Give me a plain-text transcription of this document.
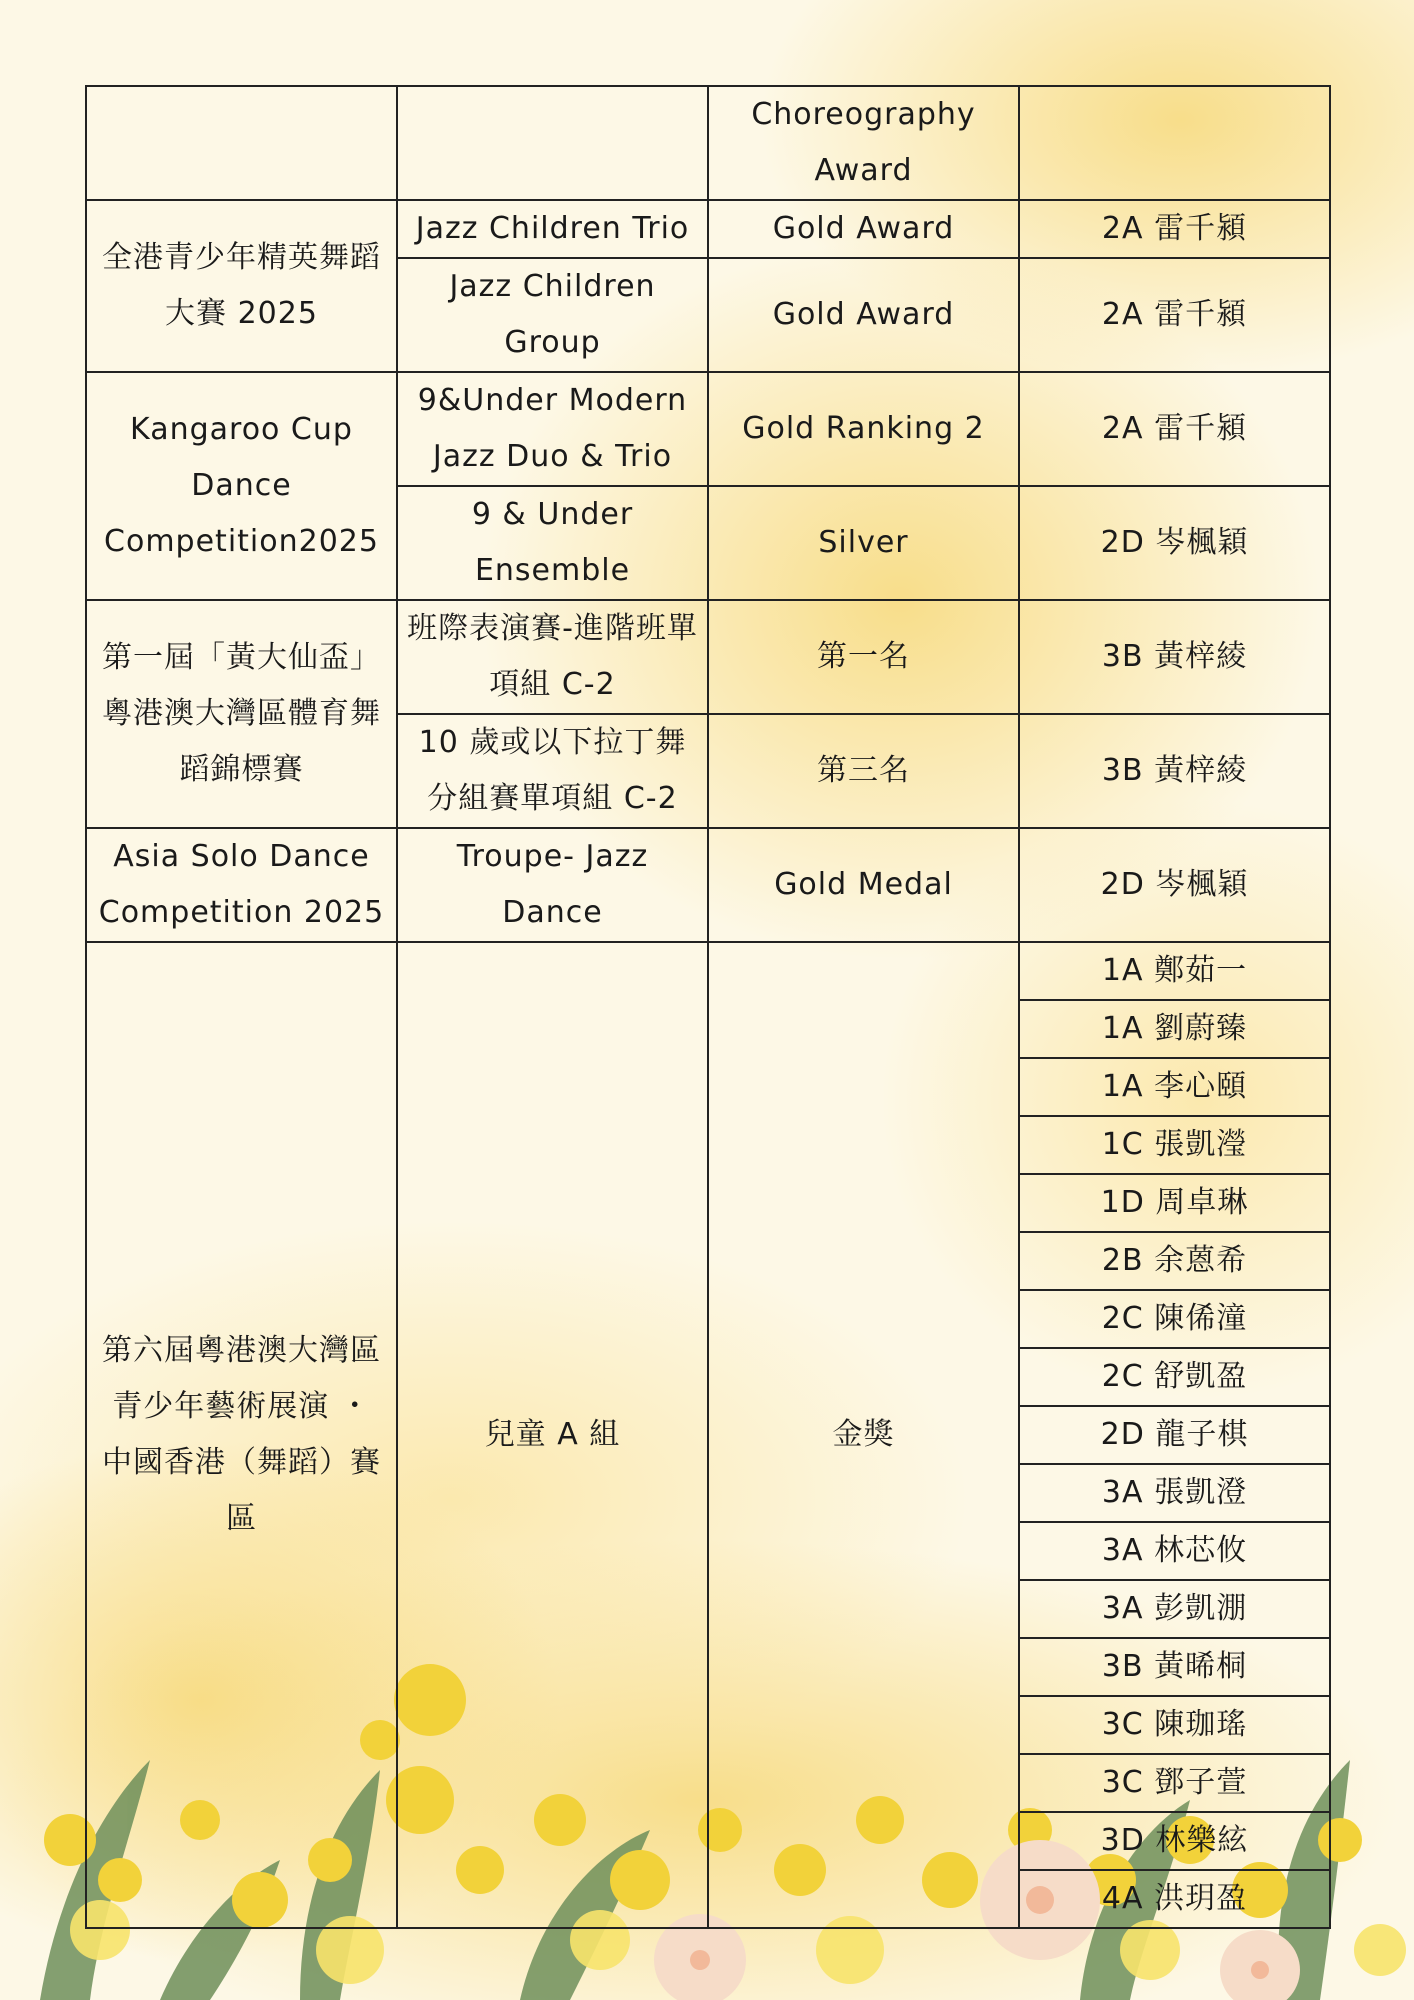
		Choreography Award	
全港青少年精英舞蹈大賽 2025	Jazz Children Trio	Gold Award	2A 雷千潁
	Jazz Children Group	Gold Award	2A 雷千潁
Kangaroo Cup Dance Competition2025	9&Under Modern Jazz Duo & Trio	Gold Ranking 2	2A 雷千潁
	9 & Under Ensemble	Silver	2D 岑楓穎
第一屆「黃大仙盃」 粵港澳大灣區體育舞蹈錦標賽	班際表演賽-進階班單項組 C-2	第一名	3B 黃梓綾
	10 歲或以下拉丁舞分組賽單項組 C-2	第三名	3B 黃梓綾
Asia Solo Dance Competition 2025	Troupe- Jazz Dance	Gold Medal	2D 岑楓穎
第六屆粵港澳大灣區青少年藝術展演 ・ 中國香港（舞蹈）賽區	兒童 A 組	金獎	1A 鄭茹一
			1A 劉蔚臻
			1A 李心頤
			1C 張凱瀅
			1D 周卓琳
			2B 余蒽希
			2C 陳俙潼
			2C 舒凱盈
			2D 龍子棋
			3A 張凱澄
			3A 林芯攸
			3A 彭凱淜
			3B 黃晞桐
			3C 陳珈瑤
			3C 鄧子萱
			3D 林樂絃
			4A 洪玥盈
